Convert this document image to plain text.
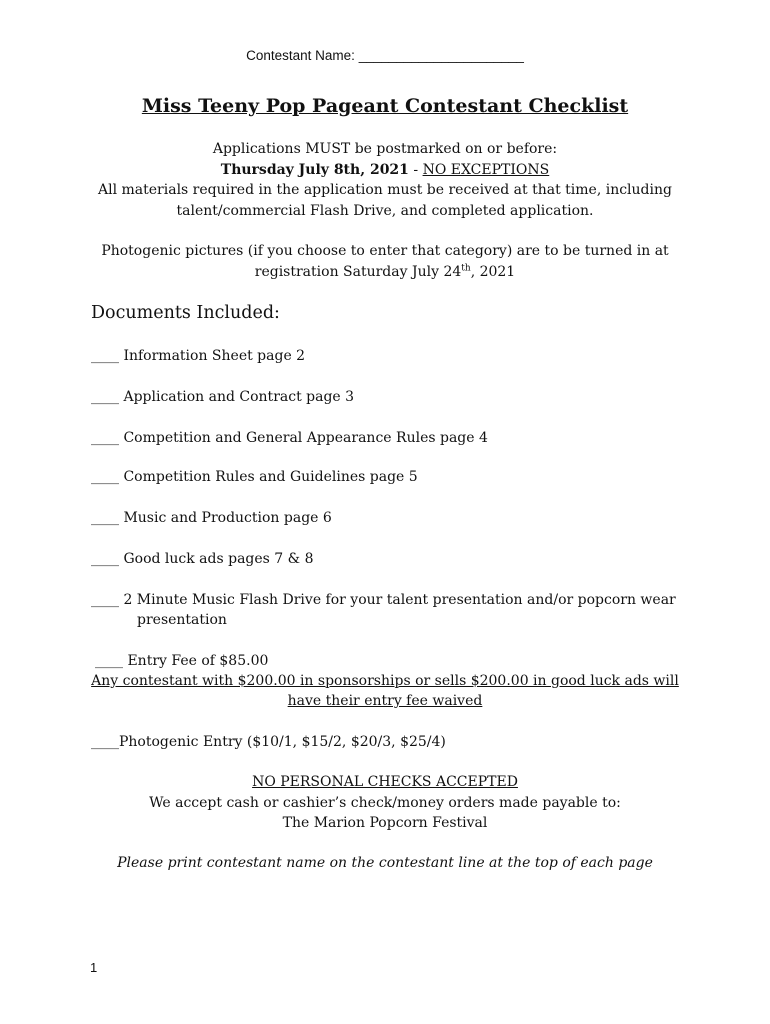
Contestant Name: ______________________
Miss Teeny Pop Pageant Contestant Checklist
Applications MUST be postmarked on or before:
Thursday July 8th, 2021 - NO EXCEPTIONS
All materials required in the application must be received at that time, including
talent/commercial Flash Drive, and completed application.
Photogenic pictures (if you choose to enter that category) are to be turned in at
registration Saturday July 24th, 2021
Documents Included:
____ Information Sheet page 2
____ Application and Contract page 3
____ Competition and General Appearance Rules page 4
____ Competition Rules and Guidelines page 5
____ Music and Production page 6
____ Good luck ads pages 7 & 8
____ 2 Minute Music Flash Drive for your talent presentation and/or popcorn wear
presentation
____ Entry Fee of $85.00
Any contestant with $200.00 in sponsorships or sells $200.00 in good luck ads will
have their entry fee waived
____Photogenic Entry ($10/1, $15/2, $20/3, $25/4)
NO PERSONAL CHECKS ACCEPTED
We accept cash or cashier’s check/money orders made payable to:
The Marion Popcorn Festival
Please print contestant name on the contestant line at the top of each page
1
